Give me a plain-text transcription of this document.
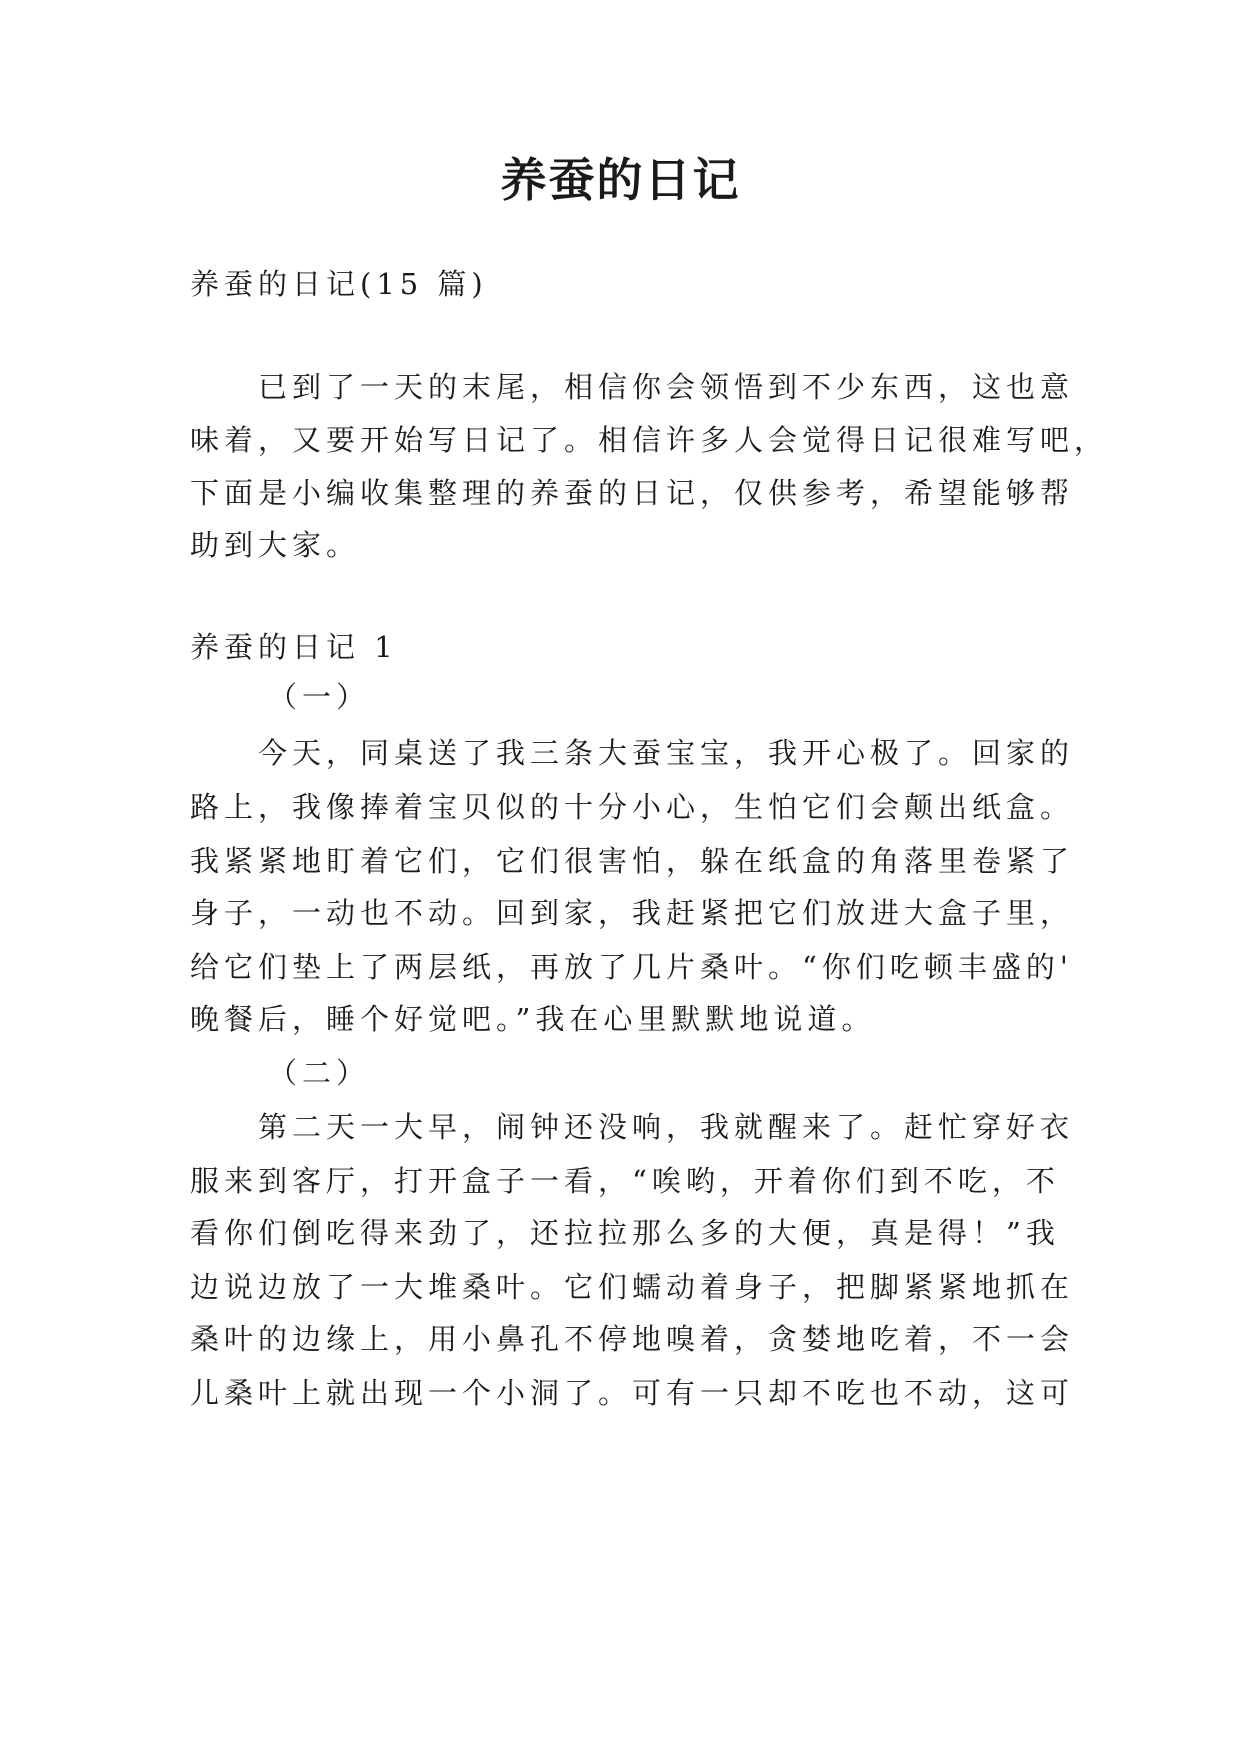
养蚕的日记
养蚕的日记(15 篇)
已到了一天的末尾，相信你会领悟到不少东西，这也意
味着，又要开始写日记了。相信许多人会觉得日记很难写吧，
下面是小编收集整理的养蚕的日记，仅供参考，希望能够帮
助到大家。
养蚕的日记 1
（一）
今天，同桌送了我三条大蚕宝宝，我开心极了。回家的
路上，我像捧着宝贝似的十分小心，生怕它们会颠出纸盒。
我紧紧地盯着它们，它们很害怕，躲在纸盒的角落里卷紧了
身子，一动也不动。回到家，我赶紧把它们放进大盒子里，
给它们垫上了两层纸，再放了几片桑叶。“你们吃顿丰盛的'
晚餐后，睡个好觉吧。”我在心里默默地说道。
（二）
第二天一大早，闹钟还没响，我就醒来了。赶忙穿好衣
服来到客厅，打开盒子一看，“唉哟，开着你们到不吃，不
看你们倒吃得来劲了，还拉拉那么多的大便，真是得！”我
边说边放了一大堆桑叶。它们蠕动着身子，把脚紧紧地抓在
桑叶的边缘上，用小鼻孔不停地嗅着，贪婪地吃着，不一会
儿桑叶上就出现一个小洞了。可有一只却不吃也不动，这可
